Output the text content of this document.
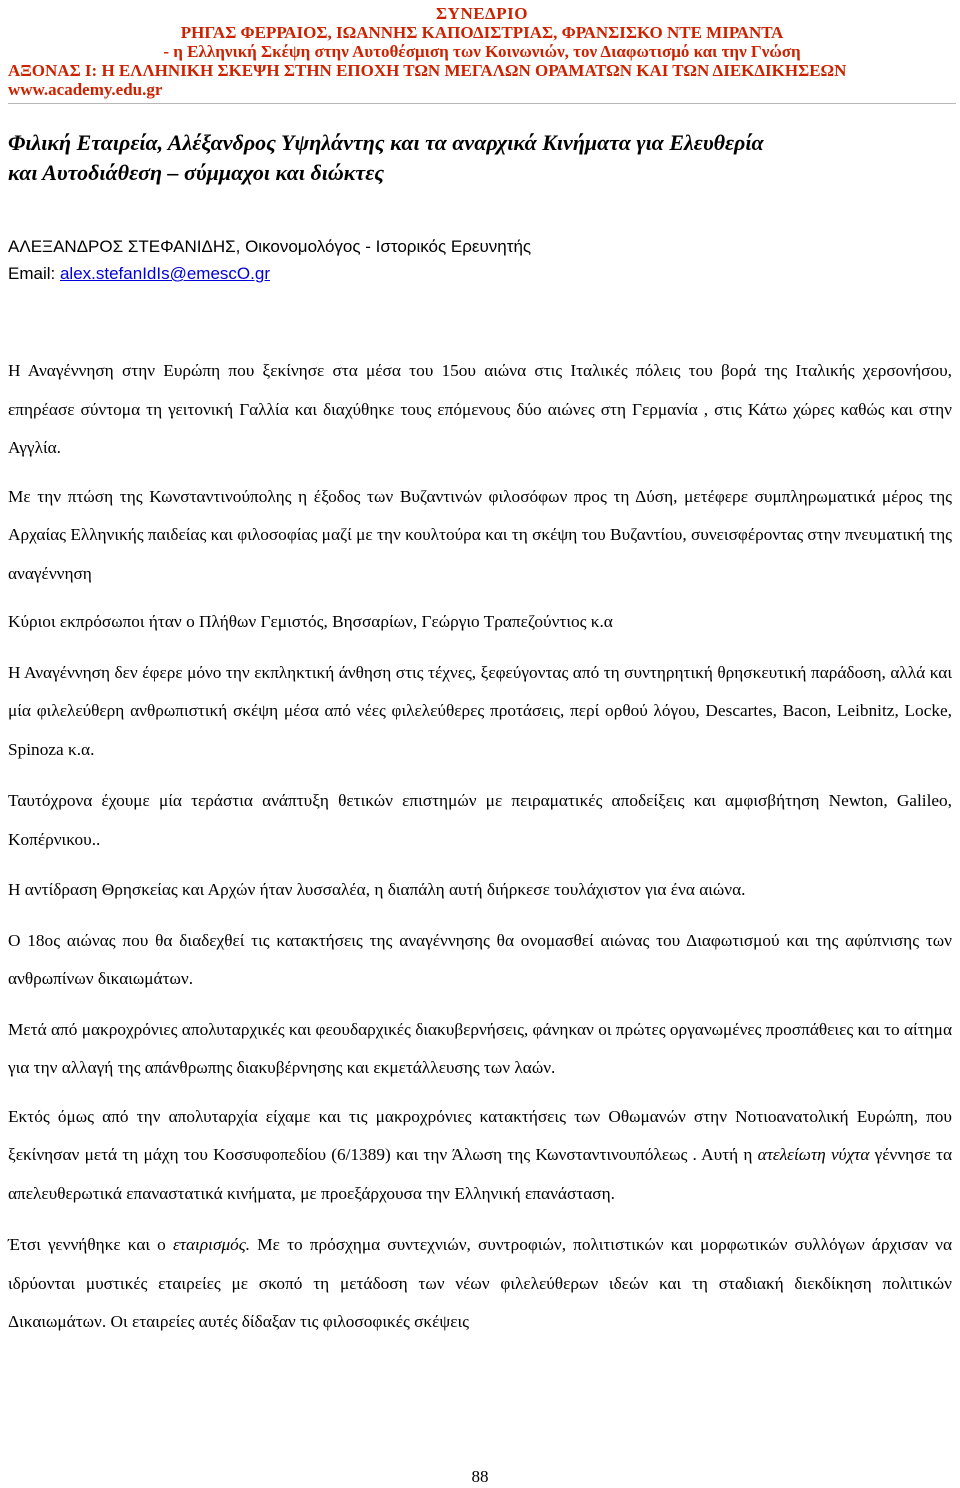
ΣΥΝΕΔΡΙΟ
ΡΗΓΑΣ ΦΕΡΡΑΙΟΣ, ΙΩΑΝΝΗΣ ΚΑΠΟΔΙΣΤΡΙΑΣ, ΦΡΑΝΣΙΣΚΟ ΝΤΕ ΜΙΡΑΝΤΑ
- η Ελληνική Σκέψη στην Αυτοθέσμιση των Κοινωνιών, τον Διαφωτισμό και την Γνώση
ΑΞΟΝΑΣ Ι: Η ΕΛΛΗΝΙΚΗ ΣΚΕΨΗ ΣΤΗΝ ΕΠΟΧΗ ΤΩΝ ΜΕΓΑΛΩΝ ΟΡΑΜΑΤΩΝ ΚΑΙ ΤΩΝ ΔΙΕΚΔΙΚΗΣΕΩΝ
www.academy.edu.gr
Φιλική Εταιρεία, Αλέξανδρος Υψηλάντης και τα αναρχικά Κινήματα για Ελευθερία
και Αυτοδιάθεση – σύμμαχοι και διώκτες
ΑΛΕΞΑΝΔΡΟΣ ΣΤΕΦΑΝΙΔΗΣ, Οικονομολόγος - Ιστορικός Ερευνητής
Email: alex.stefanIdIs@emescO.gr

Η Αναγέννηση στην Ευρώπη που ξεκίνησε στα μέσα του 15ου αιώνα στις Ιταλικές πόλεις του βορά της Ιταλικής χερσονήσου, επηρέασε σύντομα τη γειτονική Γαλλία και διαχύθηκε τους επόμενους δύο αιώνες στη Γερμανία , στις Κάτω χώρες καθώς και στην Αγγλία.

Με την πτώση της Κωνσταντινούπολης η έξοδος των Βυζαντινών φιλοσόφων προς τη Δύση, μετέφερε συμπληρωματικά μέρος της Αρχαίας Ελληνικής παιδείας και φιλοσοφίας μαζί με την κουλτούρα και τη σκέψη του Βυζαντίου, συνεισφέροντας στην πνευματική της αναγέννηση

Κύριοι εκπρόσωποι ήταν ο Πλήθων Γεμιστός, Βησσαρίων, Γεώργιο Τραπεζούντιος κ.α

Η Αναγέννηση δεν έφερε μόνο την εκπληκτική άνθηση στις τέχνες, ξεφεύγοντας από τη συντηρητική θρησκευτική παράδοση, αλλά και μία φιλελεύθερη ανθρωπιστική σκέψη μέσα από νέες φιλελεύθερες προτάσεις, περί ορθού λόγου, Descartes, Bacon, Leibnitz, Locke, Spinoza κ.α.

Ταυτόχρονα έχουμε μία τεράστια ανάπτυξη θετικών επιστημών με πειραματικές αποδείξεις και αμφισβήτηση Newton, Galileo, Κοπέρνικου..

Η αντίδραση Θρησκείας και Αρχών ήταν λυσσαλέα, η διαπάλη αυτή διήρκεσε τουλάχιστον για ένα αιώνα.

Ο 18ος αιώνας που θα διαδεχθεί τις κατακτήσεις της αναγέννησης θα ονομασθεί αιώνας του Διαφωτισμού και της αφύπνισης των ανθρωπίνων δικαιωμάτων.

Μετά από μακροχρόνιες απολυταρχικές και φεουδαρχικές διακυβερνήσεις, φάνηκαν οι πρώτες οργανωμένες προσπάθειες και το αίτημα για την αλλαγή της απάνθρωπης διακυβέρνησης και εκμετάλλευσης των λαών.

Εκτός όμως από την απολυταρχία είχαμε και τις μακροχρόνιες κατακτήσεις των Οθωμανών στην Νοτιοανατολική Ευρώπη, που ξεκίνησαν μετά τη μάχη του Κοσσυφοπεδίου (6/1389) και την Άλωση της Κωνσταντινουπόλεως . Αυτή η ατελείωτη νύχτα γέννησε τα απελευθερωτικά επαναστατικά κινήματα, με προεξάρχουσα την Ελληνική επανάσταση.

Έτσι γεννήθηκε και ο εταιρισμός. Με το πρόσχημα συντεχνιών, συντροφιών, πολιτιστικών και μορφωτικών συλλόγων άρχισαν να ιδρύονται μυστικές εταιρείες με σκοπό τη μετάδοση των νέων φιλελεύθερων ιδεών και τη σταδιακή διεκδίκηση πολιτικών Δικαιωμάτων. Οι εταιρείες αυτές δίδαξαν τις φιλοσοφικές σκέψεις

88
